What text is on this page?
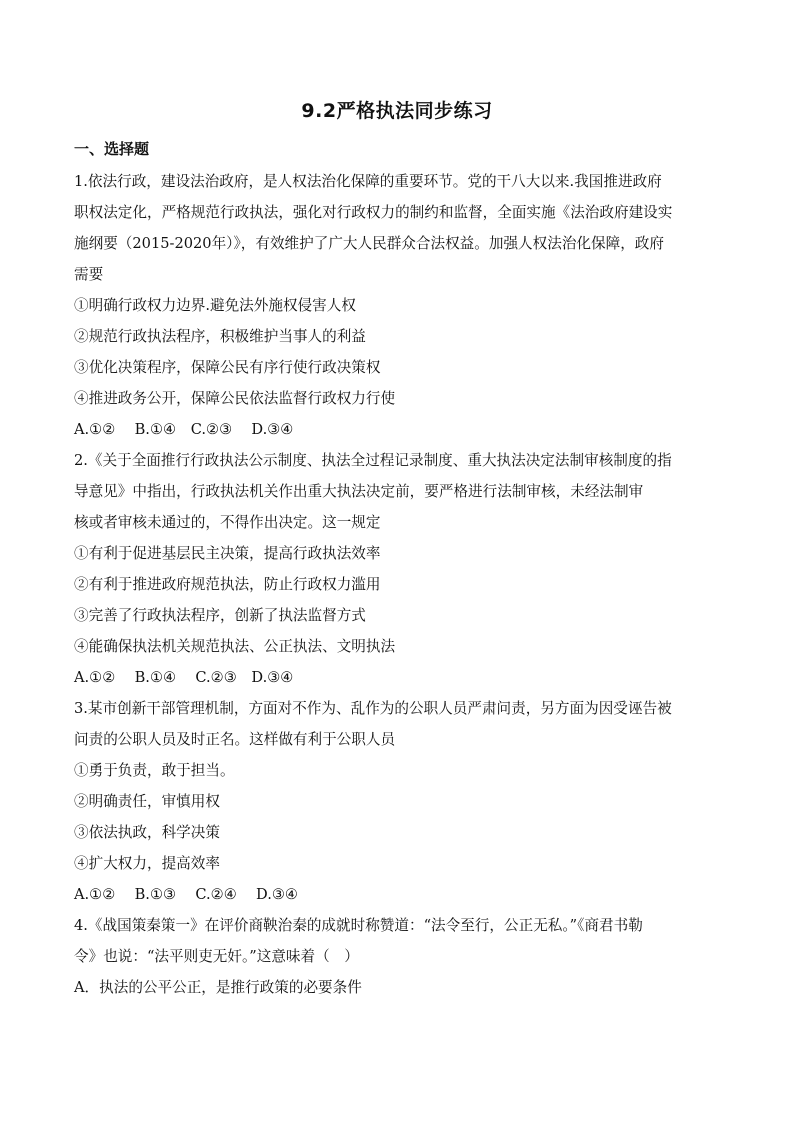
9.2严格执法同步练习
一、选择题
1.依法行政，建设法治政府，是人权法治化保障的重要环节。党的干八大以来.我国推进政府
职权法定化，严格规范行政执法，强化对行政权力的制约和监督，全面实施《法治政府建设实
施纲要（2015-2020年）》，有效维护了广大人民群众合法权益。加强人权法治化保障，政府
需要
①明确行政权力边界.避免法外施权侵害人权
②规范行政执法程序，积极维护当事人的利益
③优化决策程序，保障公民有序行使行政决策权
④推进政务公开，保障公民依法监督行政权力行使
A.①②　 B.①④　C.②③　 D.③④
2.《关于全面推行行政执法公示制度、执法全过程记录制度、重大执法决定法制审核制度的指
导意见》中指出，行政执法机关作出重大执法决定前，要严格进行法制审核，未经法制审
核或者审核未通过的，不得作出决定。这一规定
①有利于促进基层民主决策，提高行政执法效率
②有利于推进政府规范执法，防止行政权力滥用
③完善了行政执法程序，创新了执法监督方式
④能确保执法机关规范执法、公正执法、文明执法
A.①②　 B.①④　 C.②③　D.③④
3.某市创新干部管理机制，方面对不作为、乱作为的公职人员严肃问责，另方面为因受诬告被
问责的公职人员及时正名。这样做有利于公职人员
①勇于负责，敢于担当。
②明确责任，审慎用权
③依法执政，科学决策
④扩大权力，提高效率
A.①②　 B.①③　 C.②④　 D.③④
4.《战国策秦策一》在评价商鞅治秦的成就时称赞道：“法令至行，公正无私。”《商君书勒
令》也说：“法平则吏无奸。”这意味着（　）
A．执法的公平公正，是推行政策的必要条件
